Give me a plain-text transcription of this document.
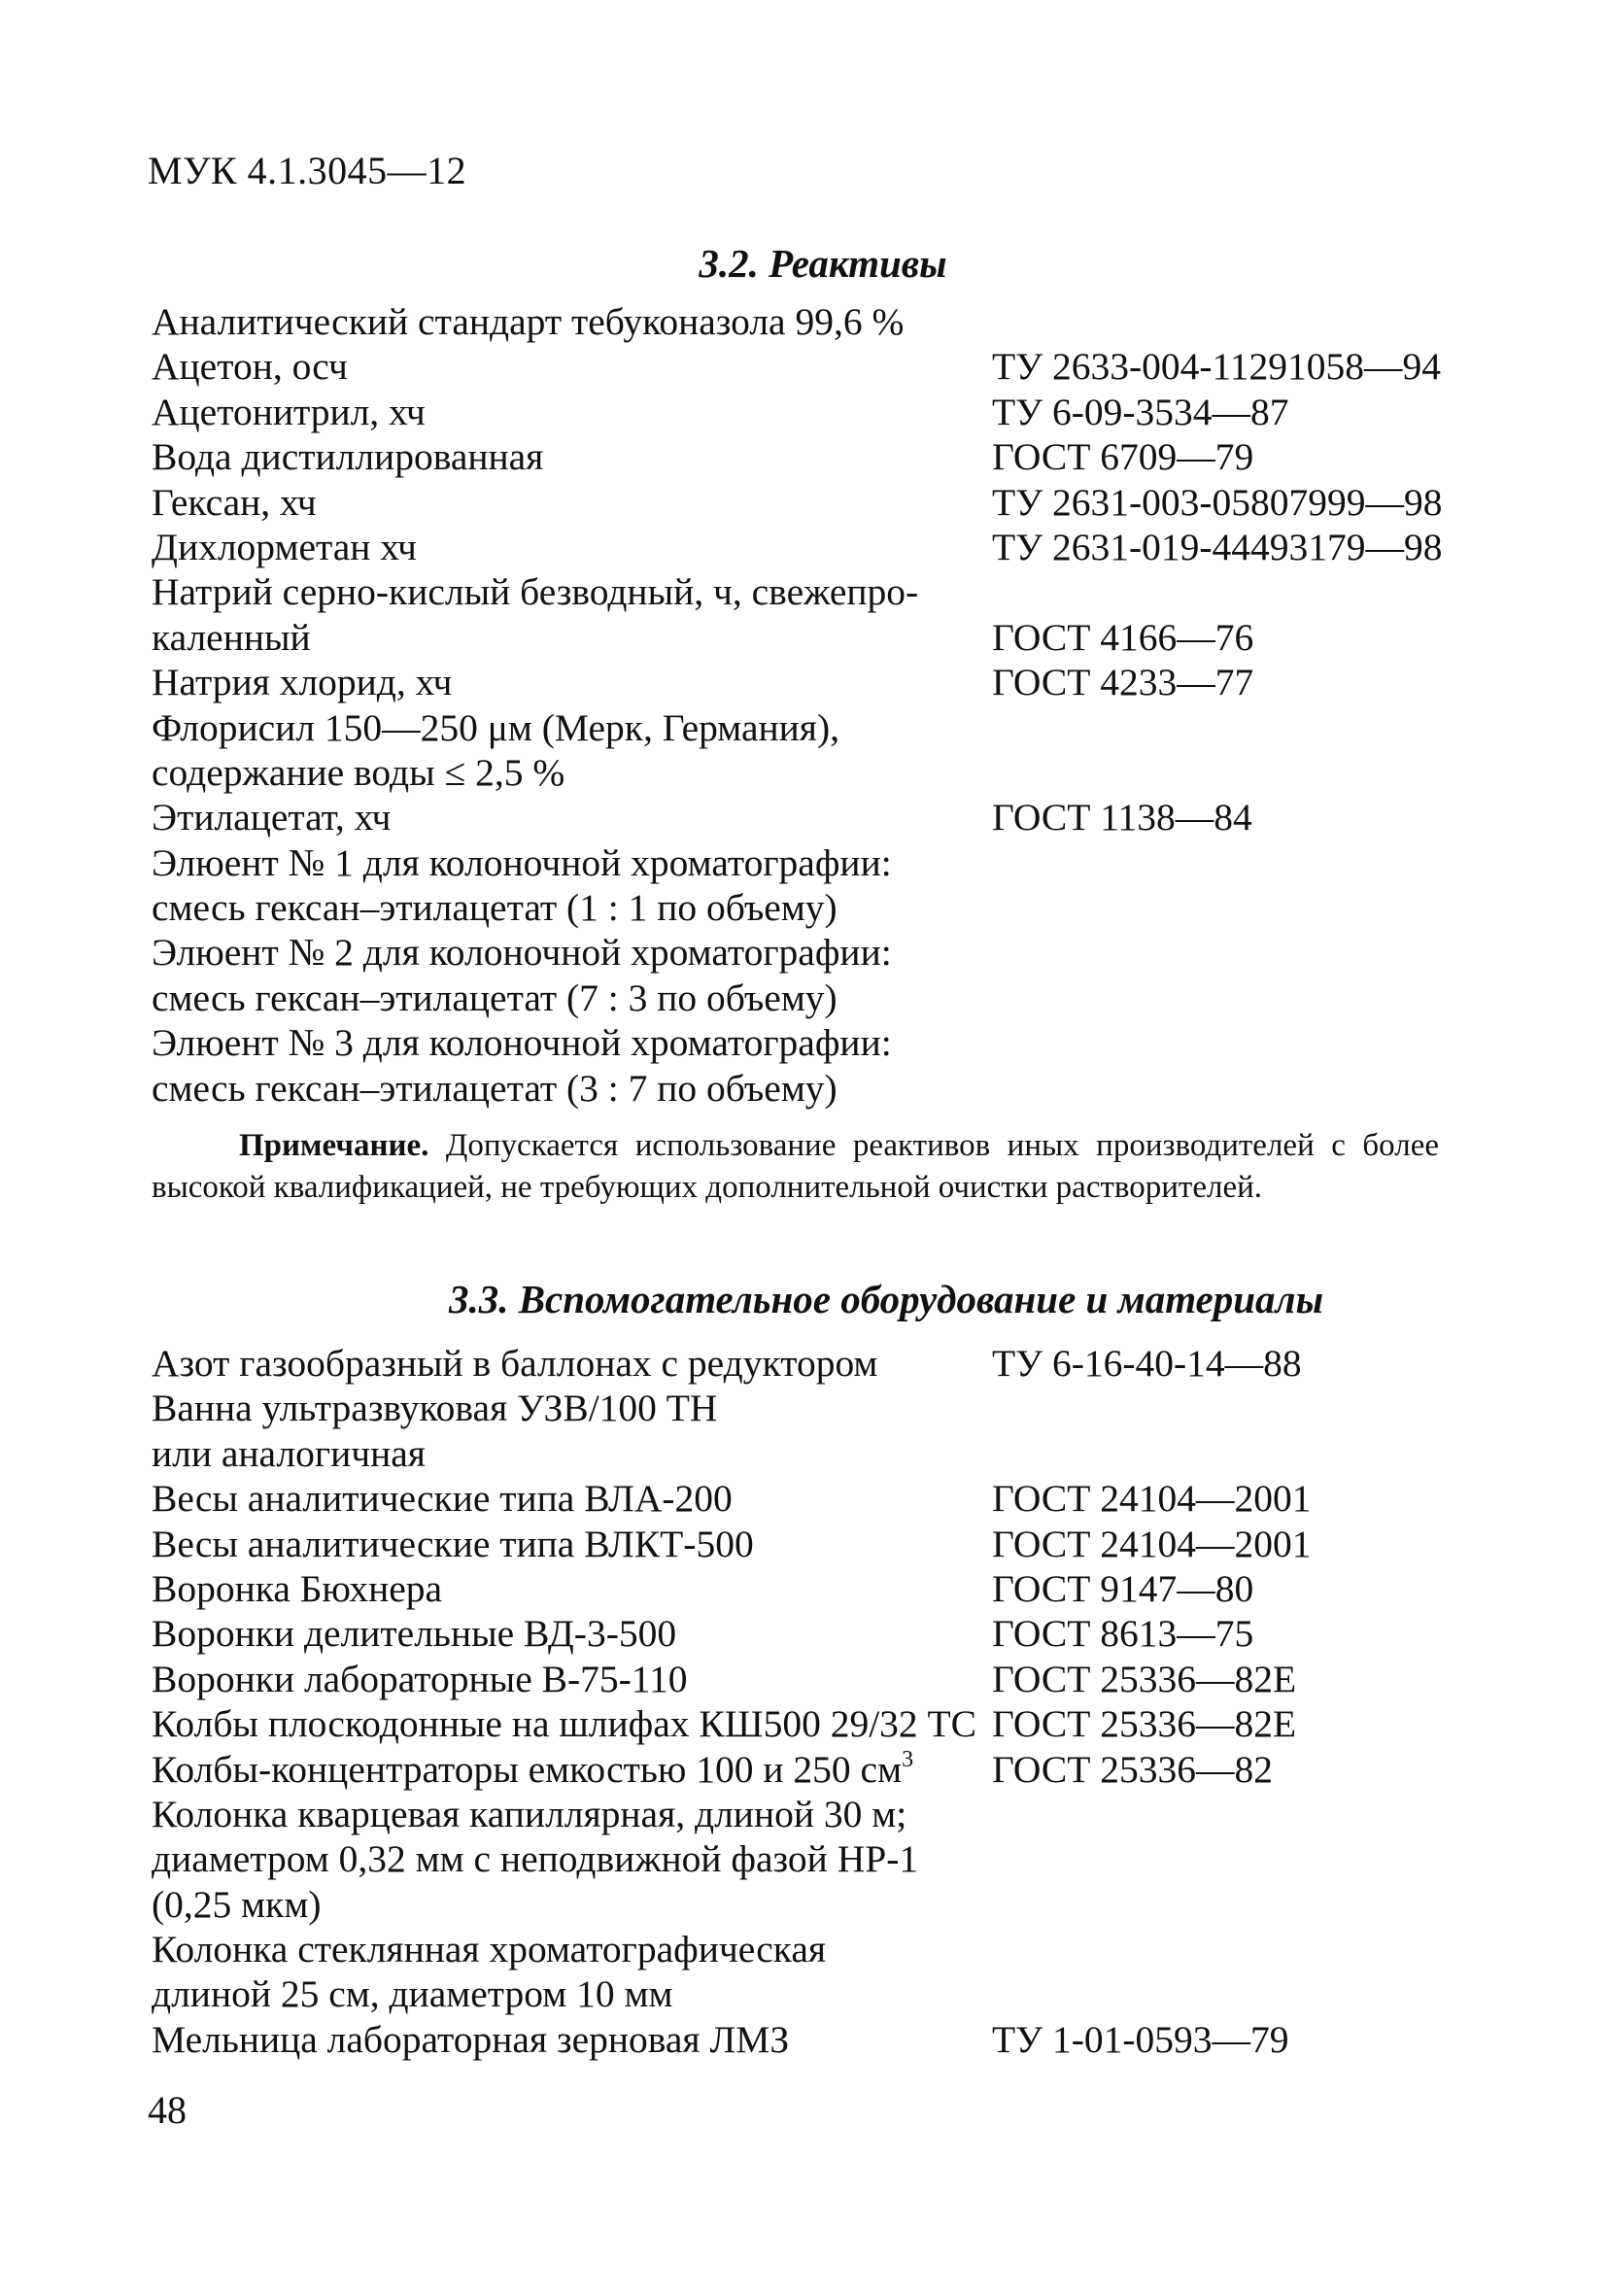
МУК 4.1.3045—12
3.2. Реактивы
Аналитический стандарт тебуконазола 99,6 %
Ацетон, осч	ТУ 2633-004-11291058—94
Ацетонитрил, хч	ТУ 6-09-3534—87
Вода дистиллированная	ГОСТ 6709—79
Гексан, хч	ТУ 2631-003-05807999—98
Дихлорметан хч	ТУ 2631-019-44493179—98
Натрий серно-кислый безводный, ч, свежепро-
каленный	ГОСТ 4166—76
Натрия хлорид, хч	ГОСТ 4233—77
Флорисил 150—250 μм (Мерк, Германия),
содержание воды ≤ 2,5 %
Этилацетат, хч	ГОСТ 1138—84
Элюент № 1 для колоночной хроматографии:
смесь гексан–этилацетат (1 : 1 по объему)
Элюент № 2 для колоночной хроматографии:
смесь гексан–этилацетат (7 : 3 по объему)
Элюент № 3 для колоночной хроматографии:
смесь гексан–этилацетат (3 : 7 по объему)
Примечание. Допускается использование реактивов иных производителей с более высокой квалификацией, не требующих дополнительной очистки растворителей.
3.3. Вспомогательное оборудование и материалы
Азот газообразный в баллонах с редуктором	ТУ 6-16-40-14—88
Ванна ультразвуковая УЗВ/100 ТН
или аналогичная
Весы аналитические типа ВЛА-200	ГОСТ 24104—2001
Весы аналитические типа ВЛКТ-500	ГОСТ 24104—2001
Воронка Бюхнера	ГОСТ 9147—80
Воронки делительные ВД-3-500	ГОСТ 8613—75
Воронки лабораторные В-75-110	ГОСТ 25336—82Е
Колбы плоскодонные на шлифах КШ500 29/32 ТС ГОСТ 25336—82Е
Колбы-концентраторы емкостью 100 и 250 $см^3$	ГОСТ 25336—82
Колонка кварцевая капиллярная, длиной 30 м;
диаметром 0,32 мм с неподвижной фазой НР-1
(0,25 мкм)
Колонка стеклянная хроматографическая
длиной 25 см, диаметром 10 мм
Мельница лабораторная зерновая ЛМЗ	ТУ 1-01-0593—79
48
